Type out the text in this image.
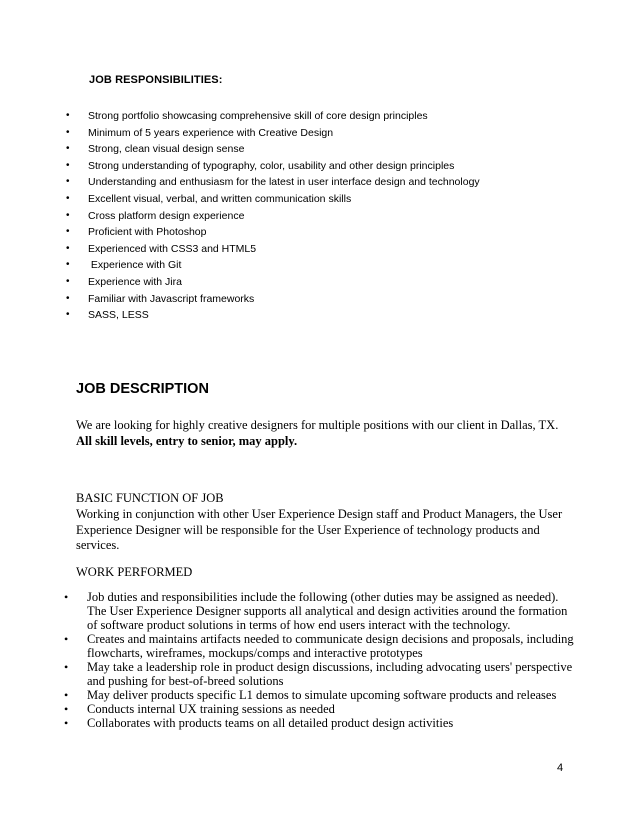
JOB RESPONSIBILITIES:
• Strong portfolio showcasing comprehensive skill of core design principles
• Minimum of 5 years experience with Creative Design
• Strong, clean visual design sense
• Strong understanding of typography, color, usability and other design principles
• Understanding and enthusiasm for the latest in user interface design and technology
• Excellent visual, verbal, and written communication skills
• Cross platform design experience
• Proficient with Photoshop
• Experienced with CSS3 and HTML5
• Experience with Git
• Experience with Jira
• Familiar with Javascript frameworks
• SASS, LESS
JOB DESCRIPTION
We are looking for highly creative designers for multiple positions with our client in Dallas, TX.
All skill levels, entry to senior, may apply.
BASIC FUNCTION OF JOB
Working in conjunction with other User Experience Design staff and Product Managers, the User Experience Designer will be responsible for the User Experience of technology products and services.
WORK PERFORMED
• Job duties and responsibilities include the following (other duties may be assigned as needed). The User Experience Designer supports all analytical and design activities around the formation of software product solutions in terms of how end users interact with the technology.
• Creates and maintains artifacts needed to communicate design decisions and proposals, including flowcharts, wireframes, mockups/comps and interactive prototypes
• May take a leadership role in product design discussions, including advocating users' perspective and pushing for best-of-breed solutions
• May deliver products specific L1 demos to simulate upcoming software products and releases
• Conducts internal UX training sessions as needed
• Collaborates with products teams on all detailed product design activities
4
